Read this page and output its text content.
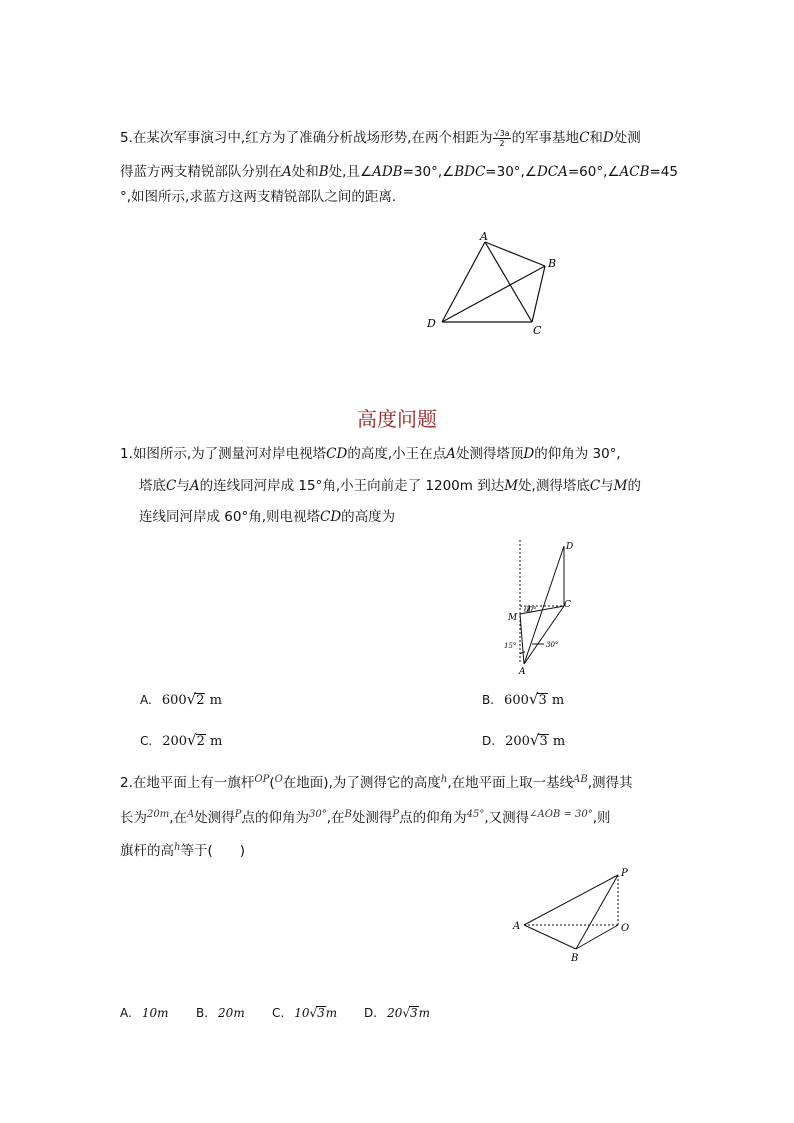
5.在某次军事演习中,红方为了准确分析战场形势,在两个相距为 $\frac{√3a}{2}$ 的军事基地C和D处测
得蓝方两支精锐部队分别在A处和B处,且∠ADB=30°,∠BDC=30°,∠DCA=60°,∠ACB=45
°,如图所示,求蓝方这两支精锐部队之间的距离.
A
B
C
D
高度问题
1.如图所示,为了测量河对岸电视塔CD的高度,小王在点A处测得塔顶D的仰角为 30°,
塔底C与A的连线同河岸成 15°角,小王向前走了 1200m 到达M处,测得塔底C与M的
连线同河岸成 60°角,则电视塔CD的高度为
D
C
M
A
60°
30°
15°
A. 600√2 m	B. 600√3 m
C. 200√2 m	D. 200√3 m
2.在地平面上有一旗杆$^{OP}$($^O$在地面),为了测得它的高度$^h$,在地平面上取一基线$^{AB}$,测得其
长为$^{20m}$,在$^A$处测得$^P$点的仰角为$^{30^\circ}$,在$^B$处测得$^P$点的仰角为$^{45^\circ}$,又测得$^{\angle AOB = 30^\circ}$,则
旗杆的高$^h$等于(　　)
P
A	O
B
A. 10m B. 20m C. 10√3m D. 20√3m
